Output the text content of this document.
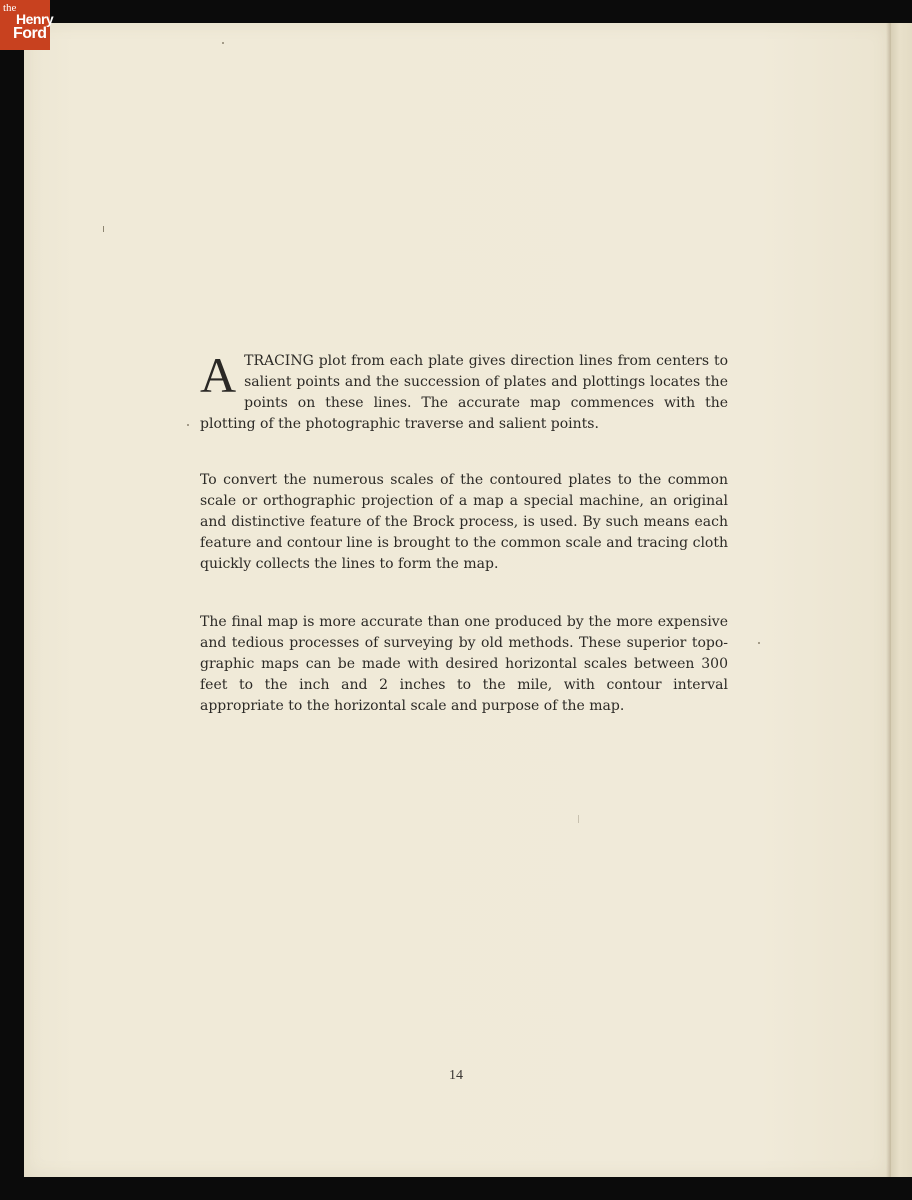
the
Henry
Ford

ATRACING plot from each plate gives direction lines from centers to salient points and the succession of plates and plottings locates the points on these lines. The accurate map commences with the plotting of the photographic traverse and salient points.

To convert the numerous scales of the contoured plates to the common scale or orthographic projection of a map a special machine, an original and distinctive feature of the Brock process, is used. By such means each feature and contour line is brought to the common scale and tracing cloth quickly collects the lines to form the map.

The final map is more accurate than one produced by the more expensive and tedious processes of surveying by old methods. These superior topo-graphic maps can be made with desired horizontal scales between 300 feet to the inch and 2 inches to the mile, with contour interval appropriate to the horizontal scale and purpose of the map.

14
